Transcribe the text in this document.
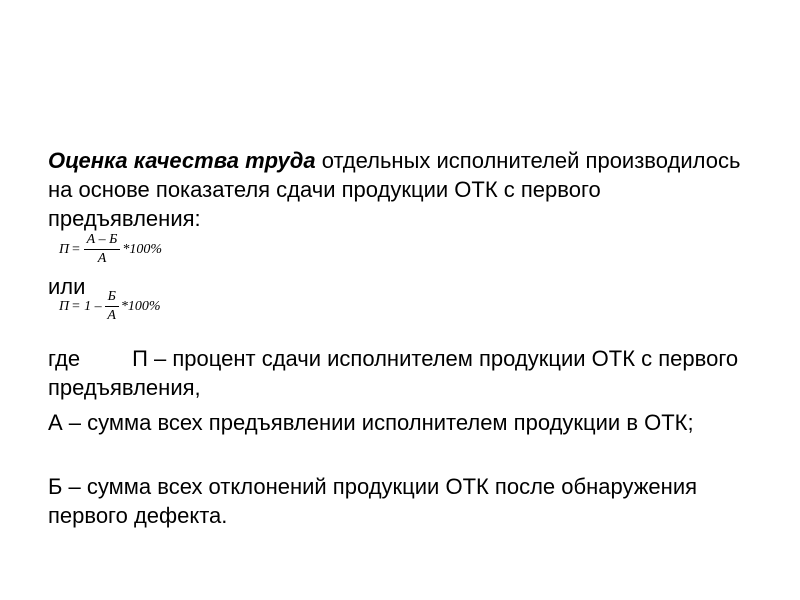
Оценка качества труда отдельных исполнителей производилось на основе показателя сдачи продукции ОТК с первого предъявления:

$П = \frac{А - Б}{А} *100\%$
или
$П = 1 - \frac{Б}{А} *100\%$

где П – процент сдачи исполнителем продукции ОТК с первого предъявления,

А – сумма всех предъявлении исполнителем продукции в ОТК;

Б – сумма всех отклонений продукции ОТК после обнаружения первого дефекта.
